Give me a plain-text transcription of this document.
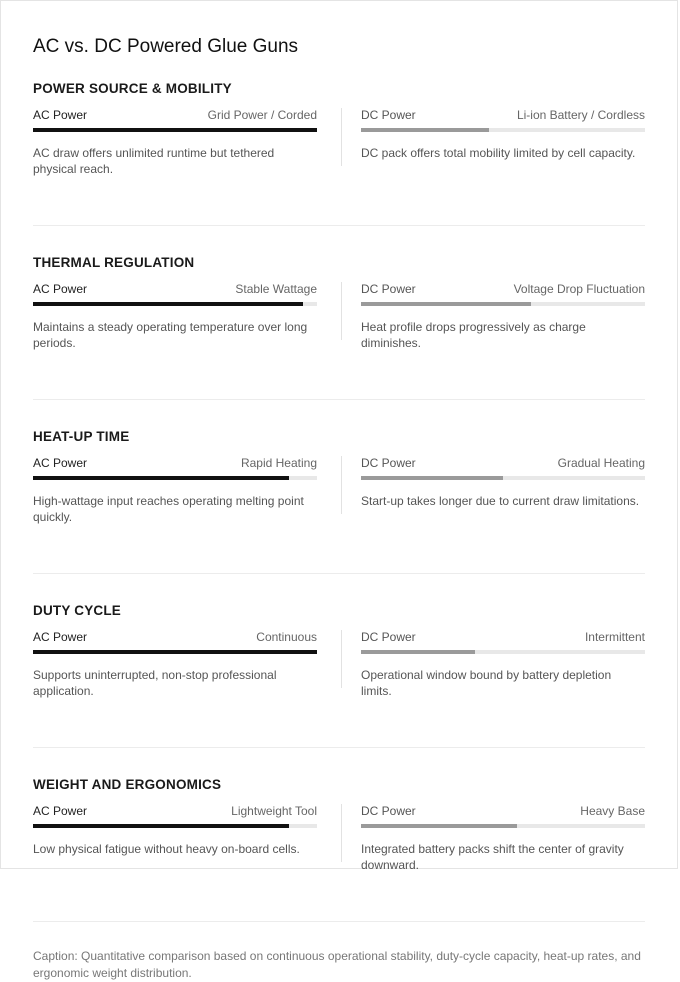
AC vs. DC Powered Glue Guns
POWER SOURCE & MOBILITY
AC Power	Grid Power / Corded
AC draw offers unlimited runtime but tethered physical reach.
DC Power	Li-ion Battery / Cordless
DC pack offers total mobility limited by cell capacity.
THERMAL REGULATION
AC Power	Stable Wattage
Maintains a steady operating temperature over long periods.
DC Power	Voltage Drop Fluctuation
Heat profile drops progressively as charge diminishes.
HEAT-UP TIME
AC Power	Rapid Heating
High-wattage input reaches operating melting point quickly.
DC Power	Gradual Heating
Start-up takes longer due to current draw limitations.
DUTY CYCLE
AC Power	Continuous
Supports uninterrupted, non-stop professional application.
DC Power	Intermittent
Operational window bound by battery depletion limits.
WEIGHT AND ERGONOMICS
AC Power	Lightweight Tool
Low physical fatigue without heavy on-board cells.
DC Power	Heavy Base
Integrated battery packs shift the center of gravity downward.
Caption: Quantitative comparison based on continuous operational stability, duty-cycle capacity, heat-up rates, and ergonomic weight distribution.
